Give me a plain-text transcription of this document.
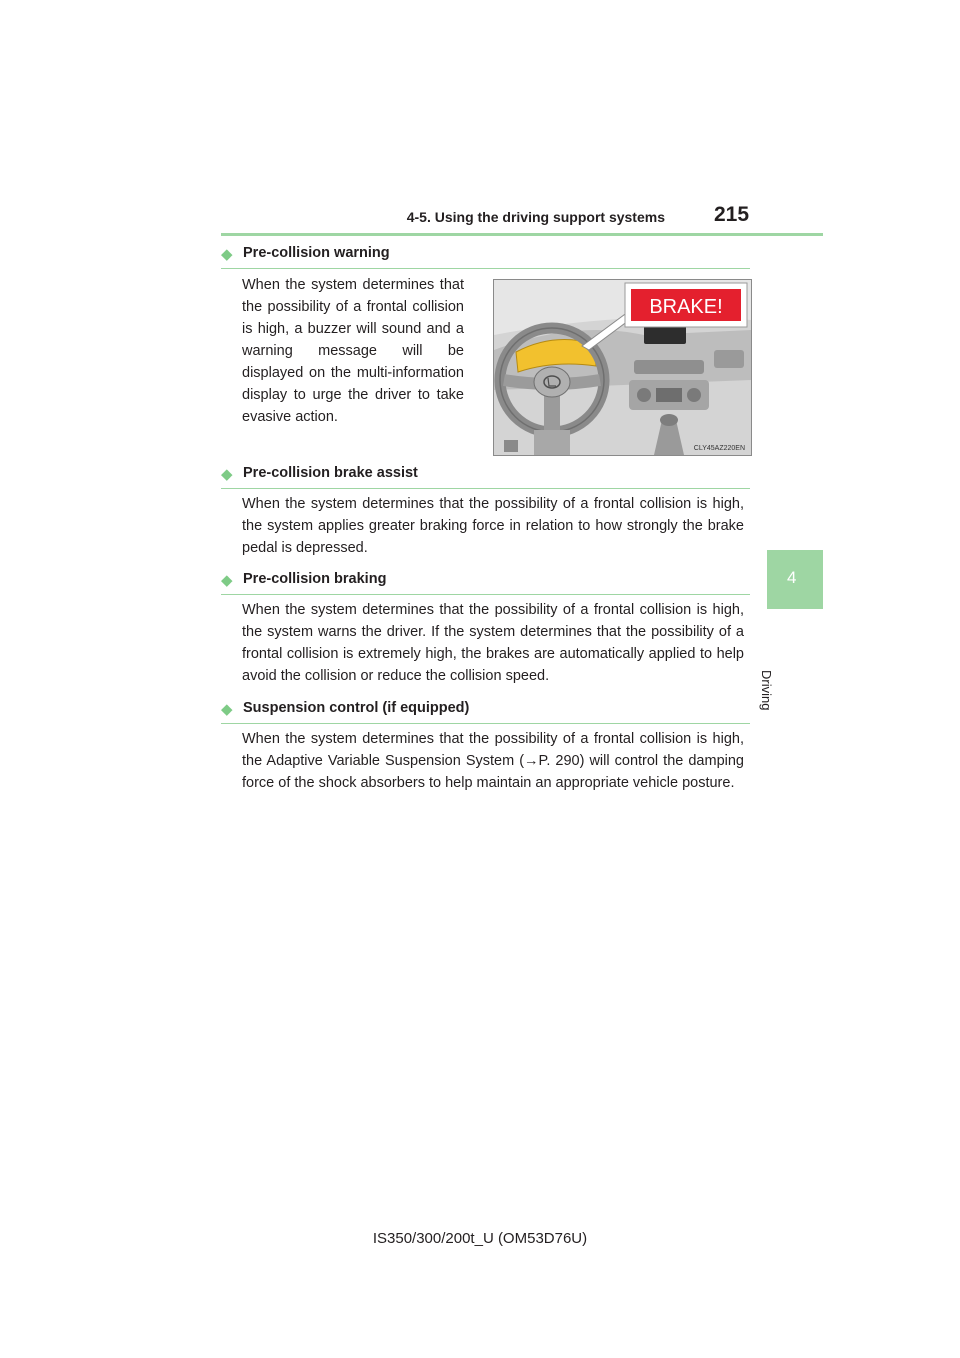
4-5. Using the driving support systems 215
4
Driving
◆ Pre-collision warning
When the system determines that the possibility of a frontal collision is high, a buzzer will sound and a warning message will be displayed on the multi-information display to urge the driver to take evasive action.
BRAKE!
CLY45AZ220EN
◆ Pre-collision brake assist
When the system determines that the possibility of a frontal collision is high, the system applies greater braking force in relation to how strongly the brake pedal is depressed.
◆ Pre-collision braking
When the system determines that the possibility of a frontal collision is high, the system warns the driver. If the system determines that the possibility of a frontal collision is extremely high, the brakes are automatically applied to help avoid the collision or reduce the collision speed.
◆ Suspension control (if equipped)
When the system determines that the possibility of a frontal collision is high, the Adaptive Variable Suspension System (→P. 290) will control the damping force of the shock absorbers to help maintain an appropriate vehicle posture.
IS350/300/200t_U (OM53D76U)
